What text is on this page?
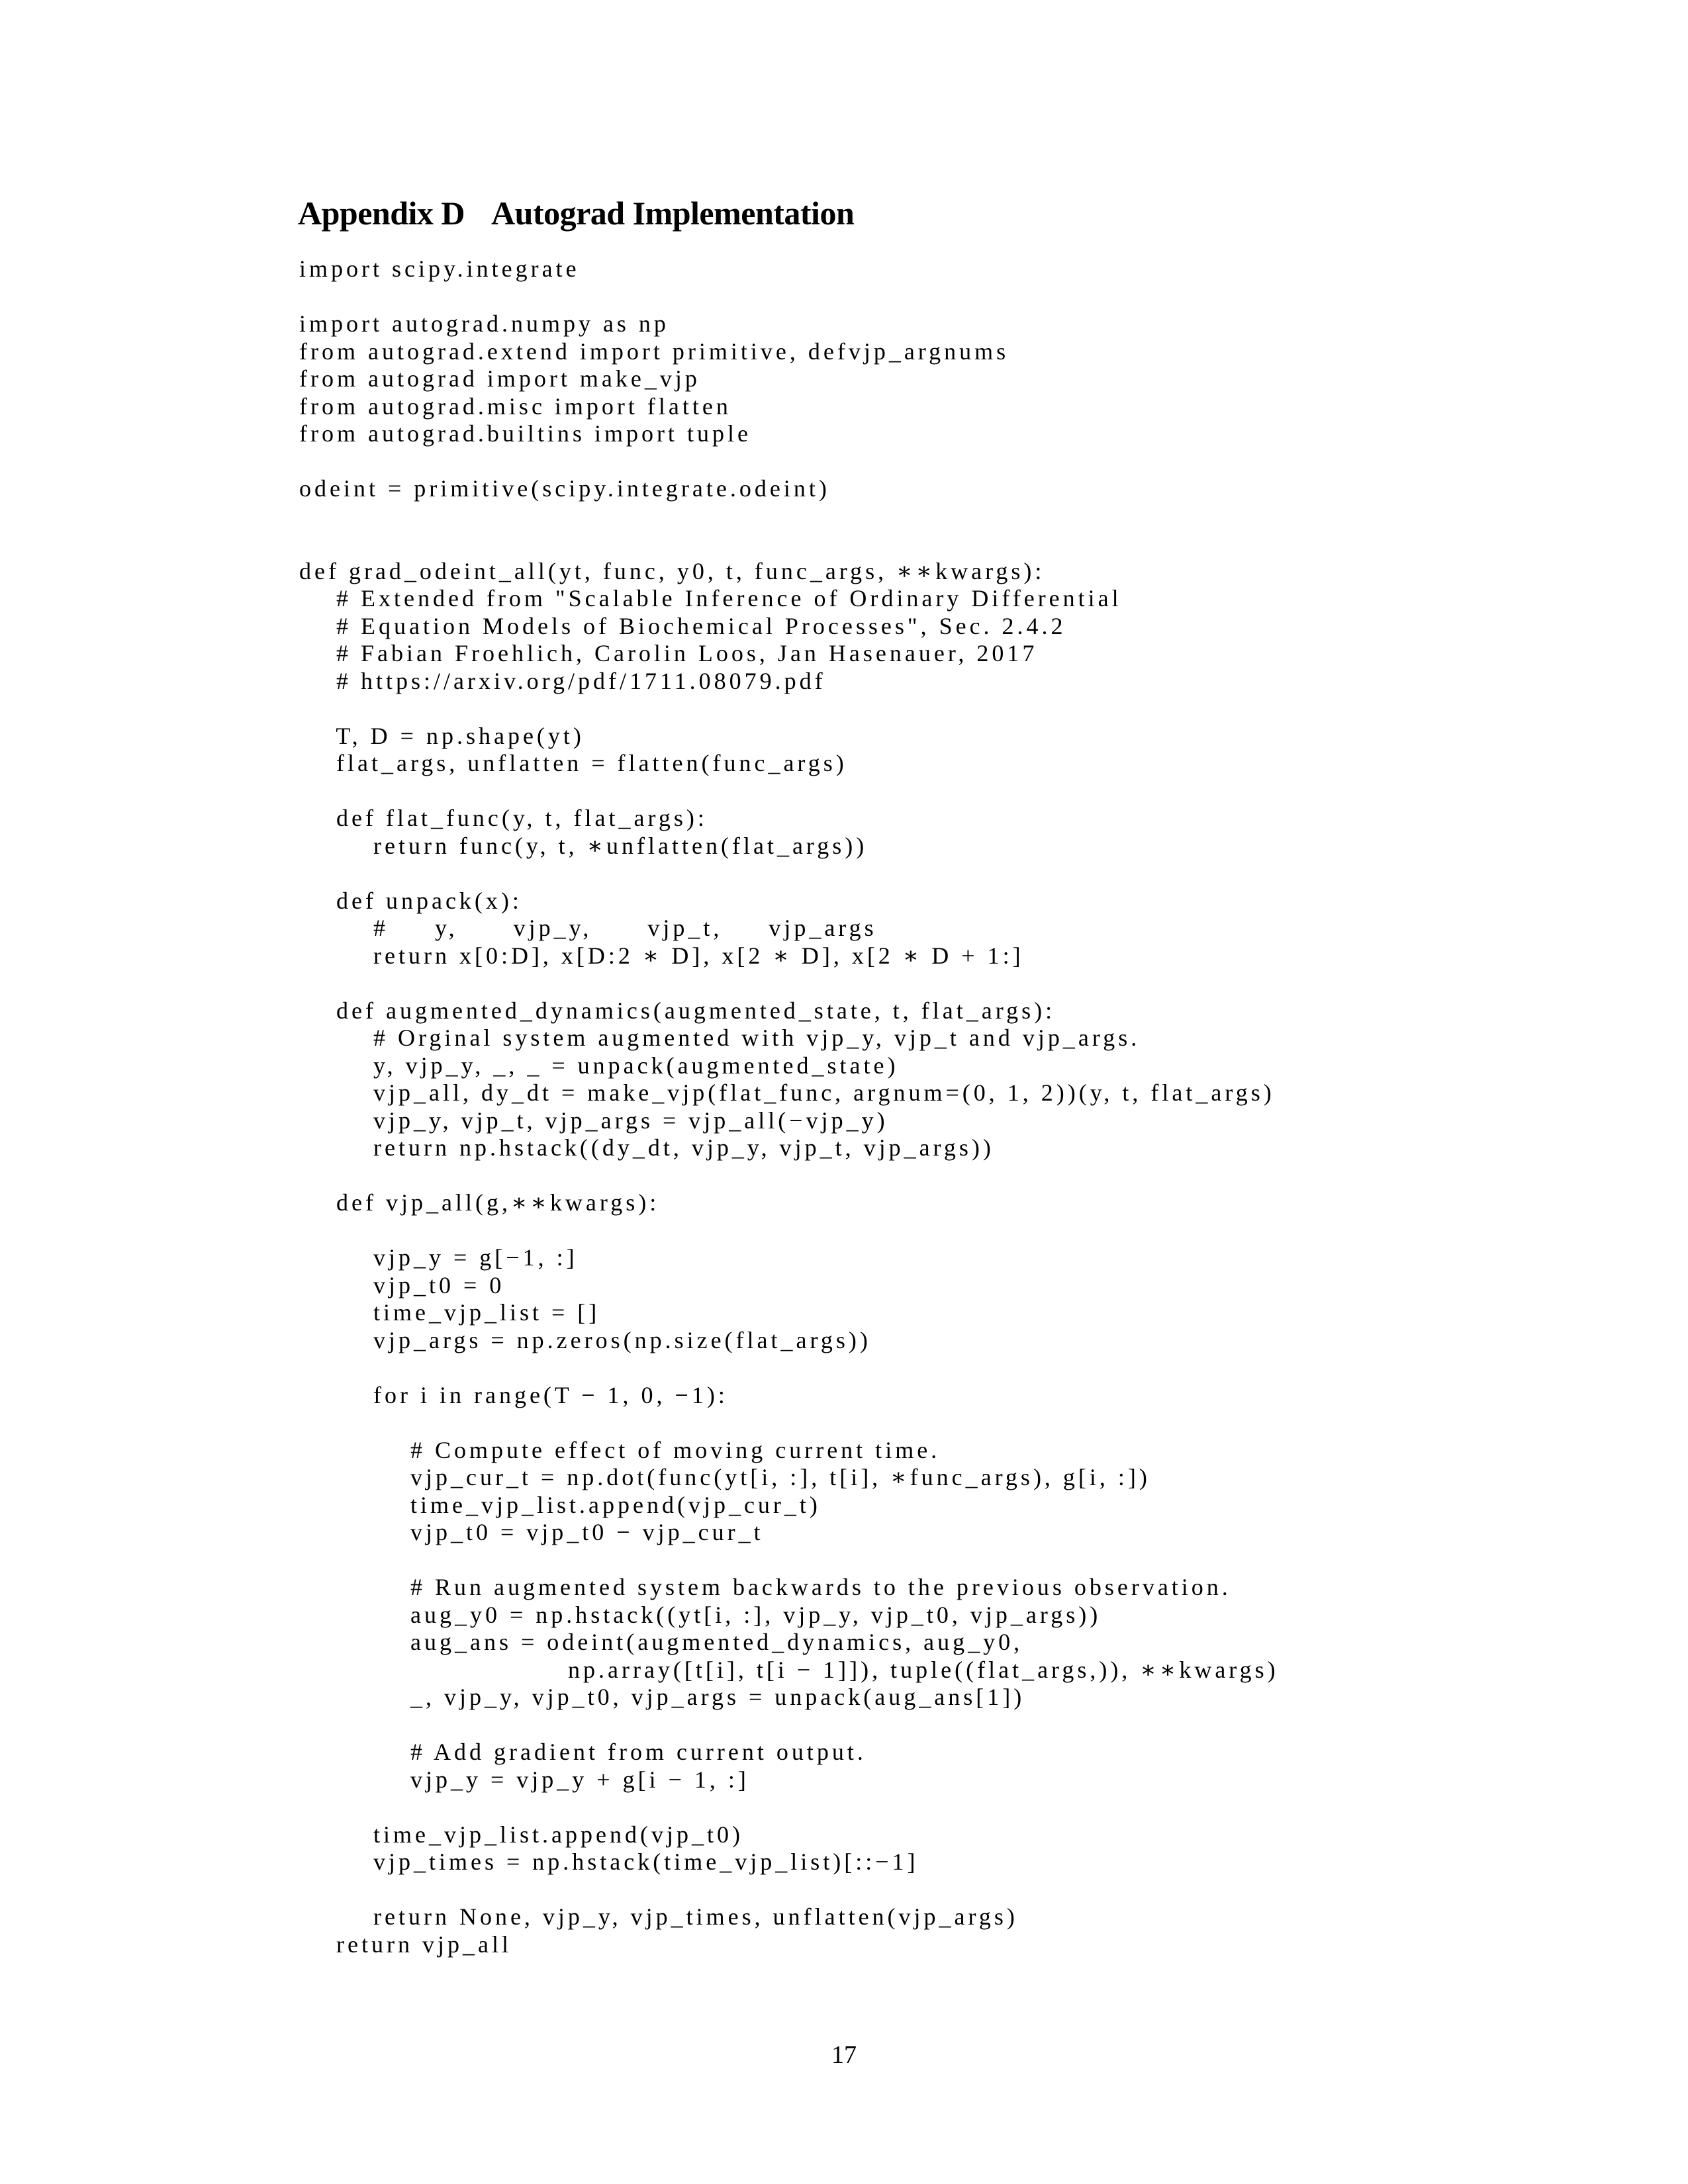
Appendix D Autograd Implementation
import scipy.integrate
import autograd.numpy as np
from autograd.extend import primitive, defvjp_argnums
from autograd import make_vjp
from autograd.misc import flatten
from autograd.builtins import tuple
odeint = primitive(scipy.integrate.odeint)
def grad_odeint_all(yt, func, y0, t, func_args, ∗∗kwargs):
# Extended from "Scalable Inference of Ordinary Differential
# Equation Models of Biochemical Processes", Sec. 2.4.2
# Fabian Froehlich, Carolin Loos, Jan Hasenauer, 2017
# https://arxiv.org/pdf/1711.08079.pdf
T, D = np.shape(yt)
flat_args, unflatten = flatten(func_args)
def flat_func(y, t, flat_args):
return func(y, t, ∗unflatten(flat_args))
def unpack(x):
#     y,      vjp_y,      vjp_t,     vjp_args
return x[0:D], x[D:2 ∗ D], x[2 ∗ D], x[2 ∗ D + 1:]
def augmented_dynamics(augmented_state, t, flat_args):
# Orginal system augmented with vjp_y, vjp_t and vjp_args.
y, vjp_y, _, _ = unpack(augmented_state)
vjp_all, dy_dt = make_vjp(flat_func, argnum=(0, 1, 2))(y, t, flat_args)
vjp_y, vjp_t, vjp_args = vjp_all(−vjp_y)
return np.hstack((dy_dt, vjp_y, vjp_t, vjp_args))
def vjp_all(g,∗∗kwargs):
vjp_y = g[−1, :]
vjp_t0 = 0
time_vjp_list = []
vjp_args = np.zeros(np.size(flat_args))
for i in range(T − 1, 0, −1):
# Compute effect of moving current time.
vjp_cur_t = np.dot(func(yt[i, :], t[i], ∗func_args), g[i, :])
time_vjp_list.append(vjp_cur_t)
vjp_t0 = vjp_t0 − vjp_cur_t
# Run augmented system backwards to the previous observation.
aug_y0 = np.hstack((yt[i, :], vjp_y, vjp_t0, vjp_args))
aug_ans = odeint(augmented_dynamics, aug_y0,
np.array([t[i], t[i − 1]]), tuple((flat_args,)), ∗∗kwargs)
_, vjp_y, vjp_t0, vjp_args = unpack(aug_ans[1])
# Add gradient from current output.
vjp_y = vjp_y + g[i − 1, :]
time_vjp_list.append(vjp_t0)
vjp_times = np.hstack(time_vjp_list)[::−1]
return None, vjp_y, vjp_times, unflatten(vjp_args)
return vjp_all
17
